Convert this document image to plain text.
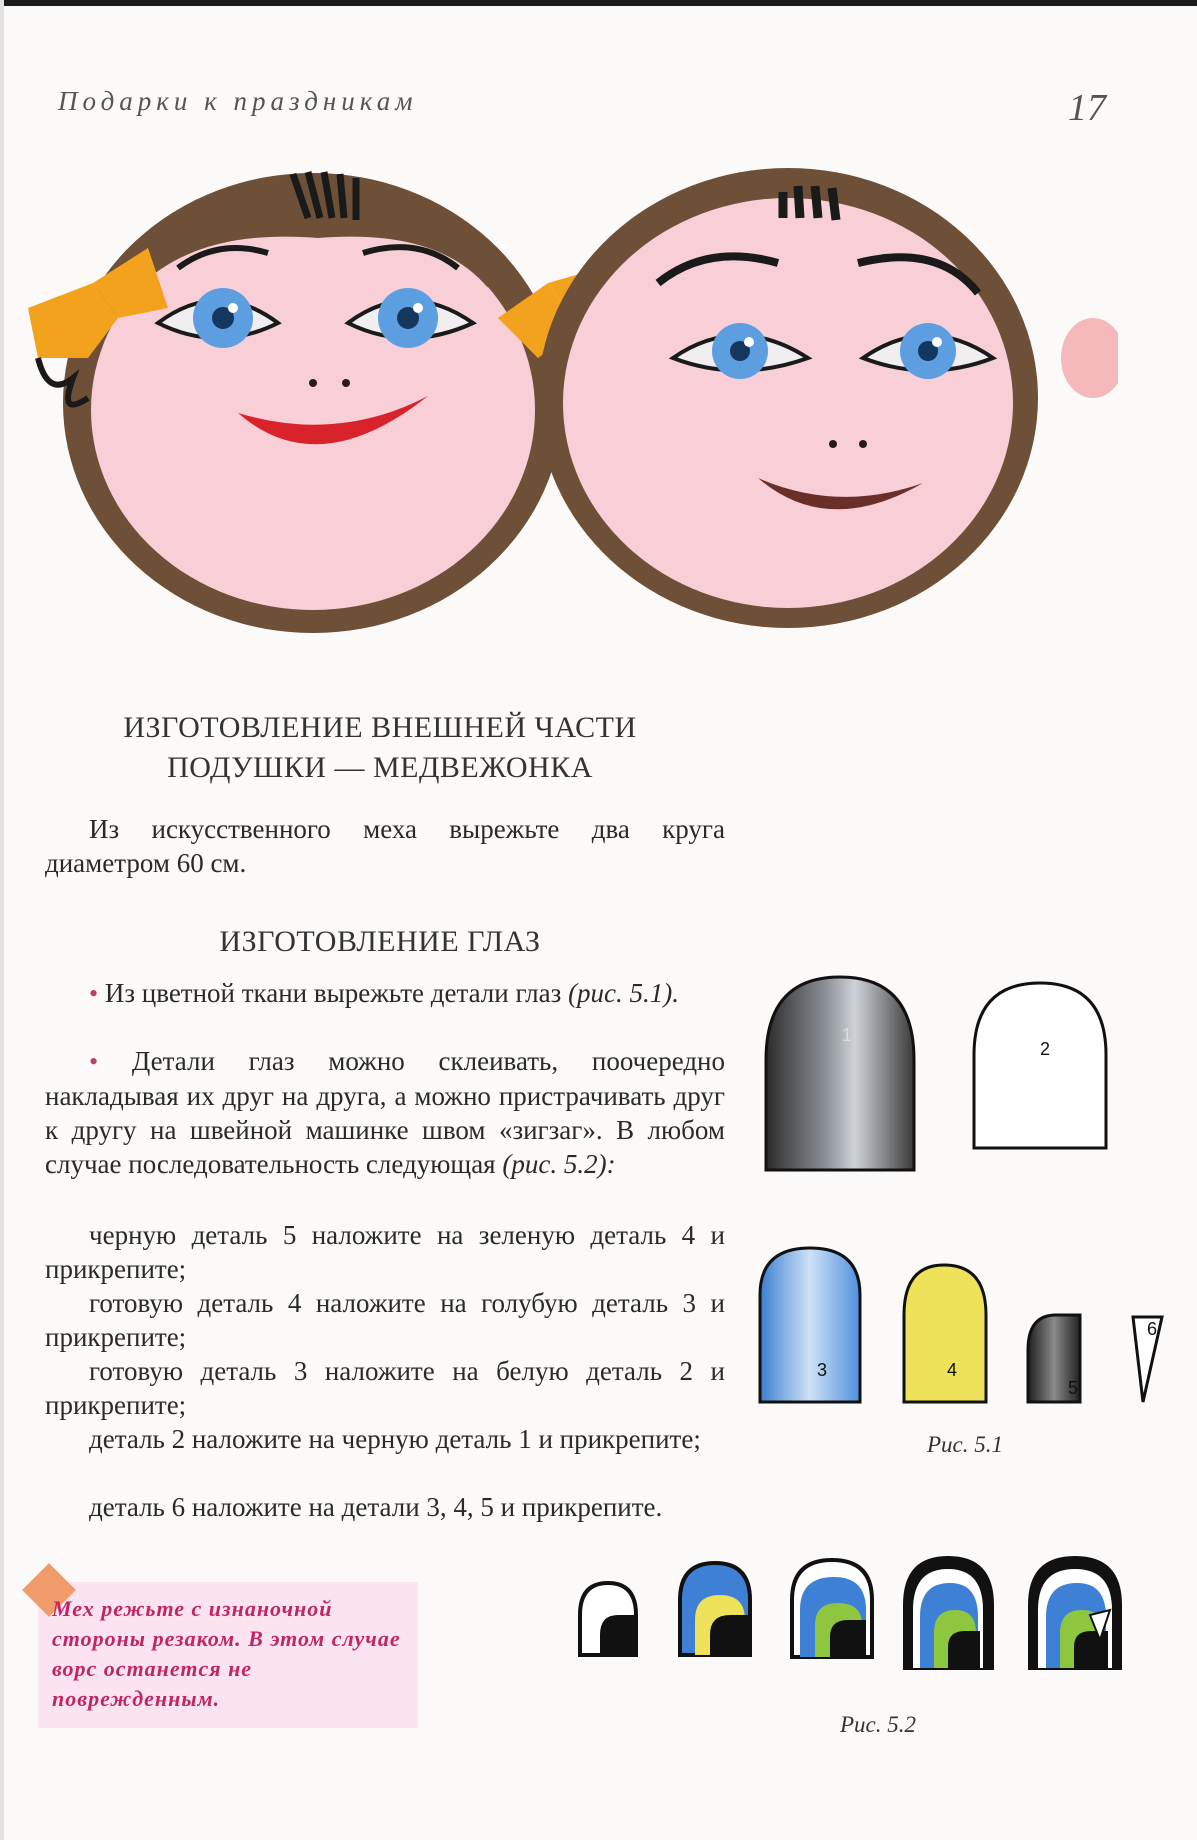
Подарки к праздникам	17
ИЗГОТОВЛЕНИЕ ВНЕШНЕЙ ЧАСТИ
ПОДУШКИ — МЕДВЕЖОНКА

Из искусственного меха вырежьте два круга диаметром 60 см.

ИЗГОТОВЛЕНИЕ ГЛАЗ

• Из цветной ткани вырежьте детали глаз (рис. 5.1).

• Детали глаз можно склеивать, поочередно накладывая их друг на друга, а можно пристрачивать друг к другу на швейной машинке швом «зигзаг». В любом случае последовательность следующая (рис. 5.2):

черную деталь 5 наложите на зеленую деталь 4 и прикрепите;

готовую деталь 4 наложите на голубую деталь 3 и прикрепите;

готовую деталь 3 наложите на белую деталь 2 и прикрепите;

деталь 2 наложите на черную деталь 1 и прикрепите;

деталь 6 наложите на детали 3, 4, 5 и прикрепите.

Мех режьте с изнаночной стороны резаком. В этом случае ворс останется не поврежденным.
1
2
3	4
5
6
Рис. 5.1
Рис. 5.2
